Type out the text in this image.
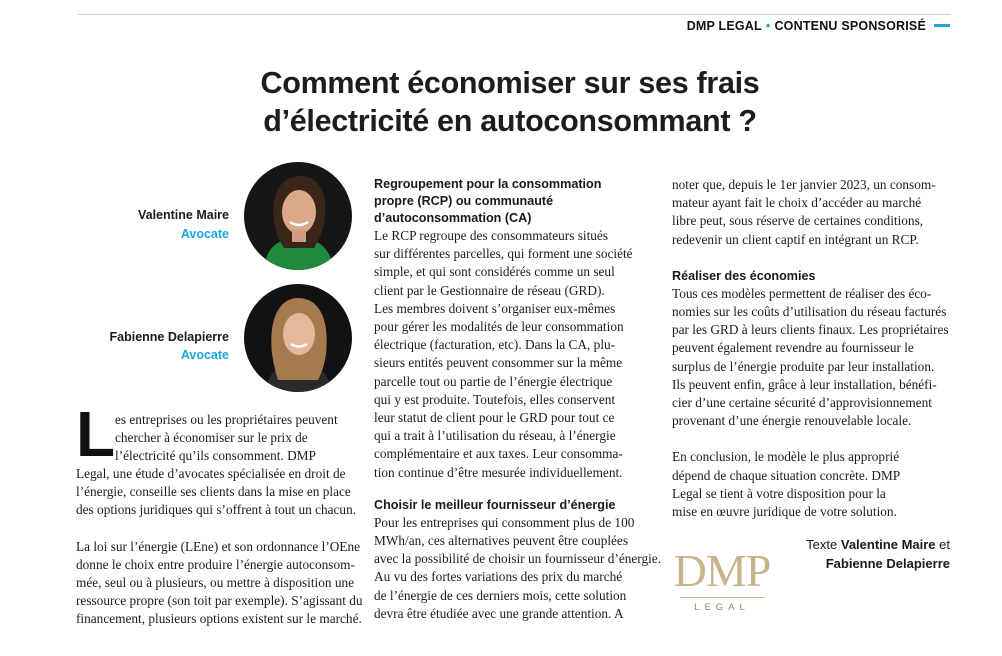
DMP LEGAL • CONTENU SPONSORISÉ
Comment économiser sur ses frais
d’électricité en autoconsommant ?
Valentine Maire
Avocate
Fabienne Delapierre
Avocate
L es entreprises ou les propriétaires peuvent

chercher à économiser sur le prix de

l’électricité qu’ils consomment. DMP

Legal, une étude d’avocates spécialisée en droit de

l’énergie, conseille ses clients dans la mise en place

des options juridiques qui s’offrent à tout un chacun.

La loi sur l’énergie (LEne) et son ordonnance l’OEne

donne le choix entre produire l’énergie autoconsom-

mée, seul ou à plusieurs, ou mettre à disposition une

ressource propre (son toit par exemple). S’agissant du

financement, plusieurs options existent sur le marché.

Regroupement pour la consommation

propre (RCP) ou communauté

d’autoconsommation (CA)

Le RCP regroupe des consommateurs situés

sur différentes parcelles, qui forment une société

simple, et qui sont considérés comme un seul

client par le Gestionnaire de réseau (GRD).

Les membres doivent s’organiser eux-mêmes

pour gérer les modalités de leur consommation

électrique (facturation, etc). Dans la CA, plu-

sieurs entités peuvent consommer sur la même

parcelle tout ou partie de l’énergie électrique

qui y est produite. Toutefois, elles conservent

leur statut de client pour le GRD pour tout ce

qui a trait à l’utilisation du réseau, à l’énergie

complémentaire et aux taxes. Leur consomma-

tion continue d’être mesurée individuellement.

Choisir le meilleur fournisseur d’énergie

Pour les entreprises qui consomment plus de 100

MWh/an, ces alternatives peuvent être couplées

avec la possibilité de choisir un fournisseur d’énergie.

Au vu des fortes variations des prix du marché

de l’énergie de ces derniers mois, cette solution

devra être étudiée avec une grande attention. A

noter que, depuis le 1er janvier 2023, un consom-

mateur ayant fait le choix d’accéder au marché

libre peut, sous réserve de certaines conditions,

redevenir un client captif en intégrant un RCP.

Réaliser des économies

Tous ces modèles permettent de réaliser des éco-

nomies sur les coûts d’utilisation du réseau facturés

par les GRD à leurs clients finaux. Les propriétaires

peuvent également revendre au fournisseur le

surplus de l’énergie produite par leur installation.

Ils peuvent enfin, grâce à leur installation, bénéfi-

cier d’une certaine sécurité d’approvisionnement

provenant d’une énergie renouvelable locale.

En conclusion, le modèle le plus approprié

dépend de chaque situation concrète. DMP

Legal se tient à votre disposition pour la

mise en œuvre juridique de votre solution.

Texte Valentine Maire et
Fabienne Delapierre
DMP
LEGAL
